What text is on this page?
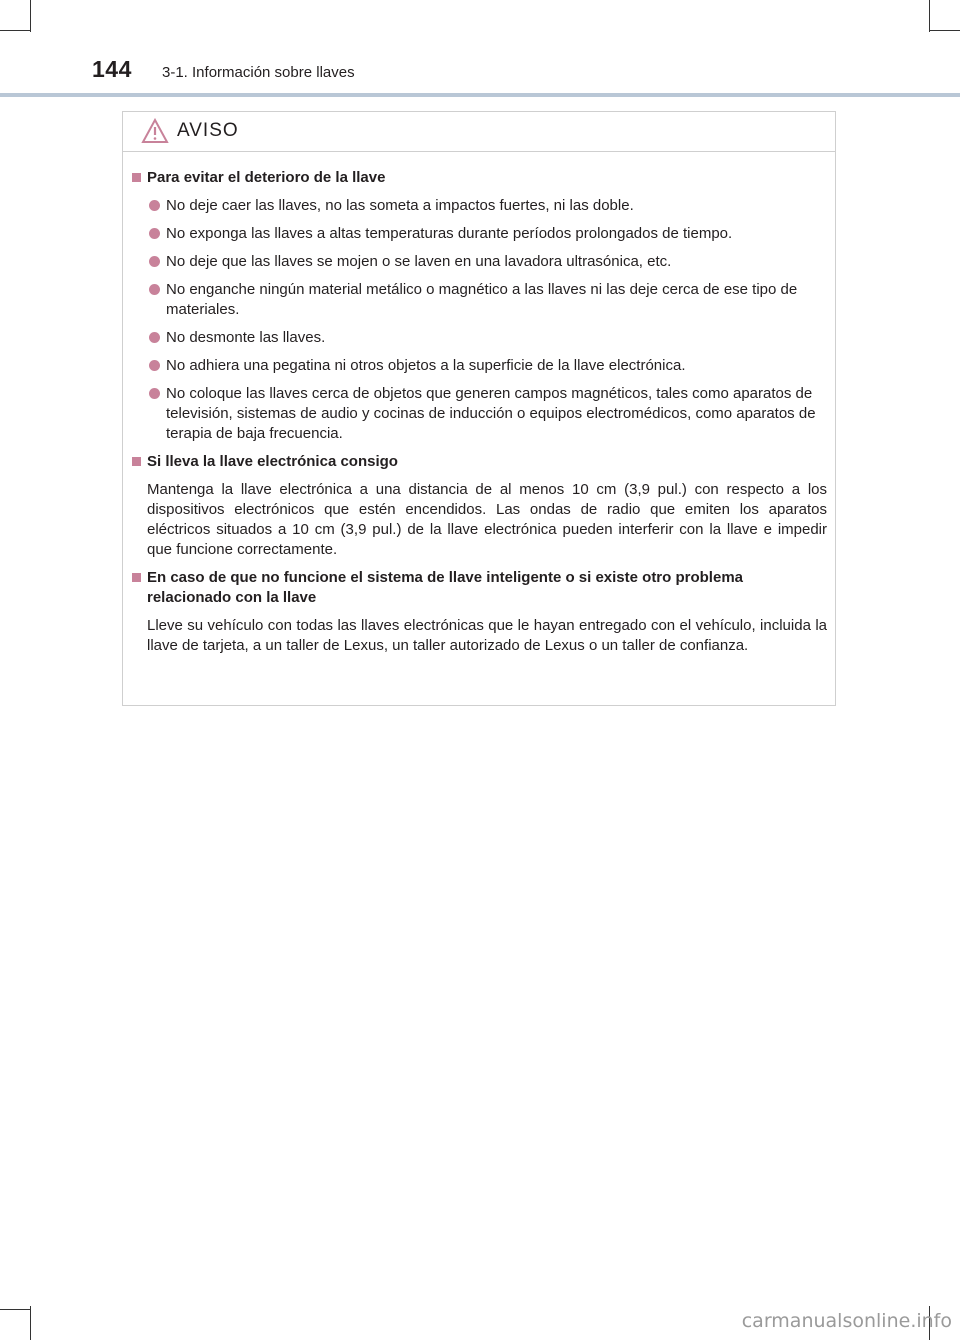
144 3-1. Información sobre llaves
AVISO
Para evitar el deterioro de la llave
No deje caer las llaves, no las someta a impactos fuertes, ni las doble.
No exponga las llaves a altas temperaturas durante períodos prolongados de tiempo.
No deje que las llaves se mojen o se laven en una lavadora ultrasónica, etc.
No enganche ningún material metálico o magnético a las llaves ni las deje cerca de ese tipo de materiales.
No desmonte las llaves.
No adhiera una pegatina ni otros objetos a la superficie de la llave electrónica.
No coloque las llaves cerca de objetos que generen campos magnéticos, tales como aparatos de televisión, sistemas de audio y cocinas de inducción o equipos electromédicos, como aparatos de terapia de baja frecuencia.
Si lleva la llave electrónica consigo
Mantenga la llave electrónica a una distancia de al menos 10 cm (3,9 pul.) con respecto a los dispositivos electrónicos que estén encendidos. Las ondas de radio que emiten los aparatos eléctricos situados a 10 cm (3,9 pul.) de la llave electrónica pueden interferir con la llave e impedir que funcione correctamente.
En caso de que no funcione el sistema de llave inteligente o si existe otro problema relacionado con la llave
Lleve su vehículo con todas las llaves electrónicas que le hayan entregado con el vehículo, incluida la llave de tarjeta, a un taller de Lexus, un taller autorizado de Lexus o un taller de confianza.
carmanualsonline.info
